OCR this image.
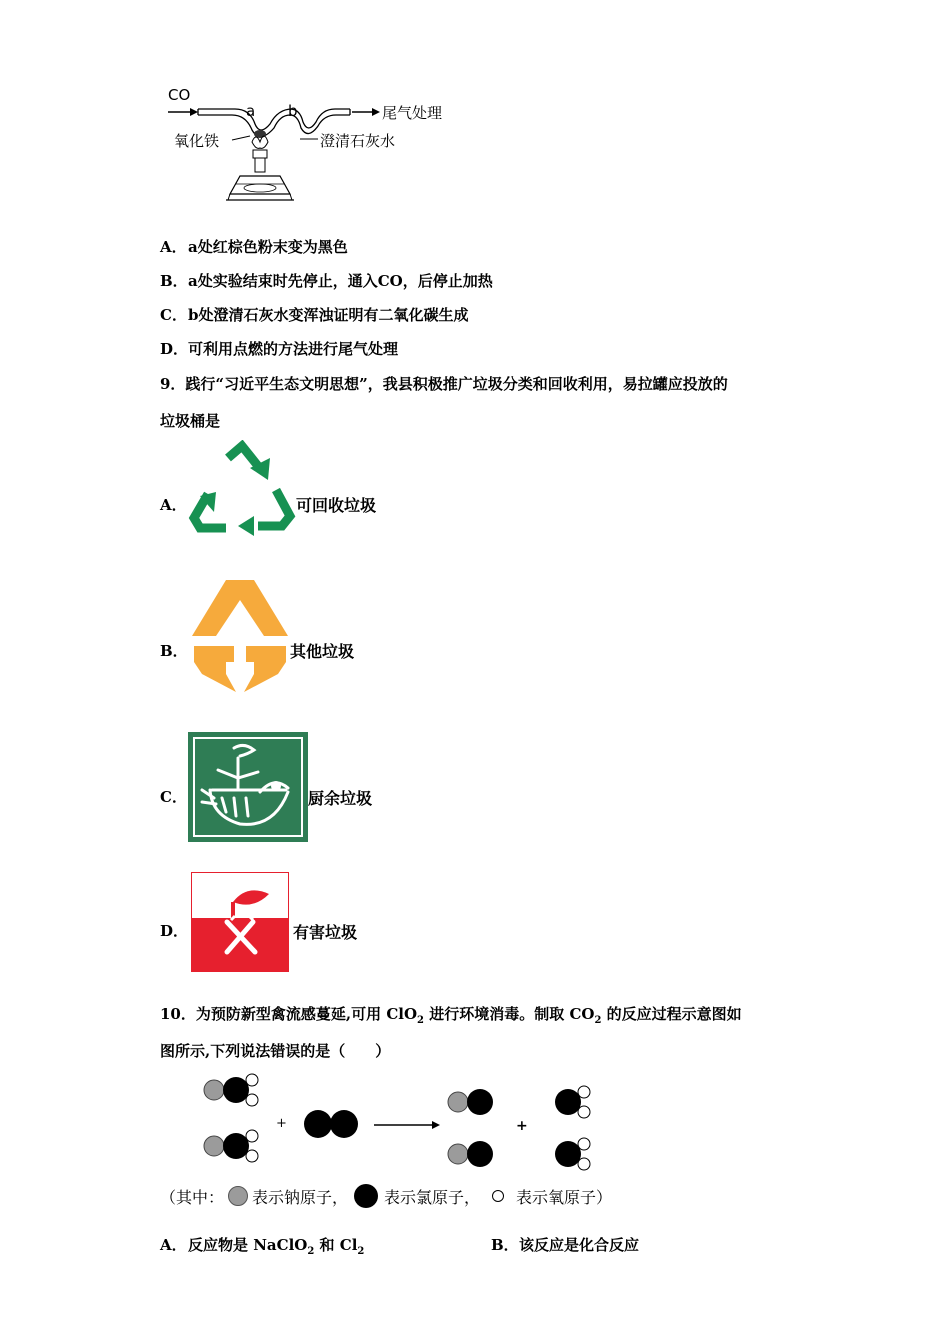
CO
a b
氧化铁	澄清石灰水
尾气处理
A．a处红棕色粉末变为黑色
B．a处实验结束时先停止，通入CO，后停止加热
C．b处澄清石灰水变浑浊证明有二氧化碳生成
D．可利用点燃的方法进行尾气处理
9．践行“习近平生态文明思想”，我县积极推广垃圾分类和回收利用，易拉罐应投放的
垃圾桶是
A．	可回收垃圾
B．	其他垃圾
C．	厨余垃圾
D．	有害垃圾
10．为预防新型禽流感蔓延,可用 ClO$_2$ 进行环境消毒。制取 $CO_2$ 的反应过程示意图如
图所示,下列说法错误的是（　　）
+	+
（其中： 表示钠原子， 表示氯原子， 表示氧原子）
A．反应物是 NaClO$_2$ 和 $Cl_2$	B．该反应是化合反应
